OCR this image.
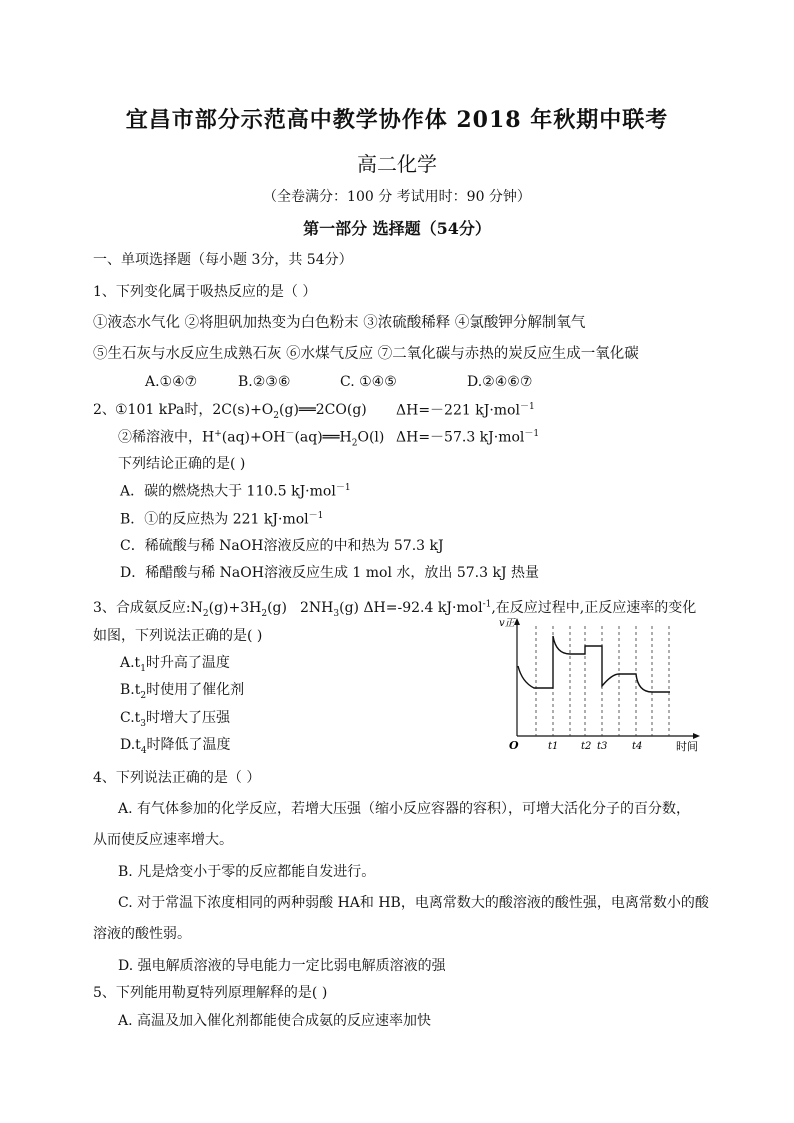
宜昌市部分示范高中教学协作体 2018 年秋期中联考
高二化学
（全卷满分：100 分 考试用时：90 分钟）
第一部分 选择题（54分）
一、单项选择题（每小题 3分，共 54分）
1、下列变化属于吸热反应的是（ ）
①液态水气化 ②将胆矾加热变为白色粉末 ③浓硫酸稀释 ④氯酸钾分解制氧气
⑤生石灰与水反应生成熟石灰 ⑥水煤气反应 ⑦二氧化碳与赤热的炭反应生成一氧化碳
A.①④⑦	B.②③⑥	C. ①④⑤	D.②④⑥⑦
2、 ①101 kPa时，$2C(s)+O_2(g)══2CO(g)$ ΔH=－221 kJ·mol$^{-1}$
②稀溶液中，$H^+(aq)+OH^-(aq)══H_2O(l)$ ΔH=－57.3 kJ·mol$^{-1}$
下列结论正确的是( )
A．碳的燃烧热大于 110.5 kJ·mol$^{-1}$
B．①的反应热为 221 kJ·mol$^{-1}$
C．稀硫酸与稀 NaOH溶液反应的中和热为 57.3 kJ
D．稀醋酸与稀 NaOH溶液反应生成 1 mol 水，放出 57.3 kJ 热量
3、合成氨反应$:N_2(g)+3H_2(g)$ $2NH_3(g)$ ΔH=-92.4 kJ·mol$^{-1}$,在反应过程中,正反应速率的变化
如图，下列说法正确的是( )
$A.t_1$时升高了温度
$B.t_2$时使用了催化剂
$C.t_3$时增大了压强
$D.t_4$时降低了温度
v正
O	t1 t2 t3 t4	时间
4、下列说法正确的是（ ）
A. 有气体参加的化学反应，若增大压强（缩小反应容器的容积），可增大活化分子的百分数，
从而使反应速率增大。
B. 凡是焓变小于零的反应都能自发进行。
C. 对于常温下浓度相同的两种弱酸 HA和 HB，电离常数大的酸溶液的酸性强，电离常数小的酸
溶液的酸性弱。
D. 强电解质溶液的导电能力一定比弱电解质溶液的强
5、下列能用勒夏特列原理解释的是( )
A. 高温及加入催化剂都能使合成氨的反应速率加快
